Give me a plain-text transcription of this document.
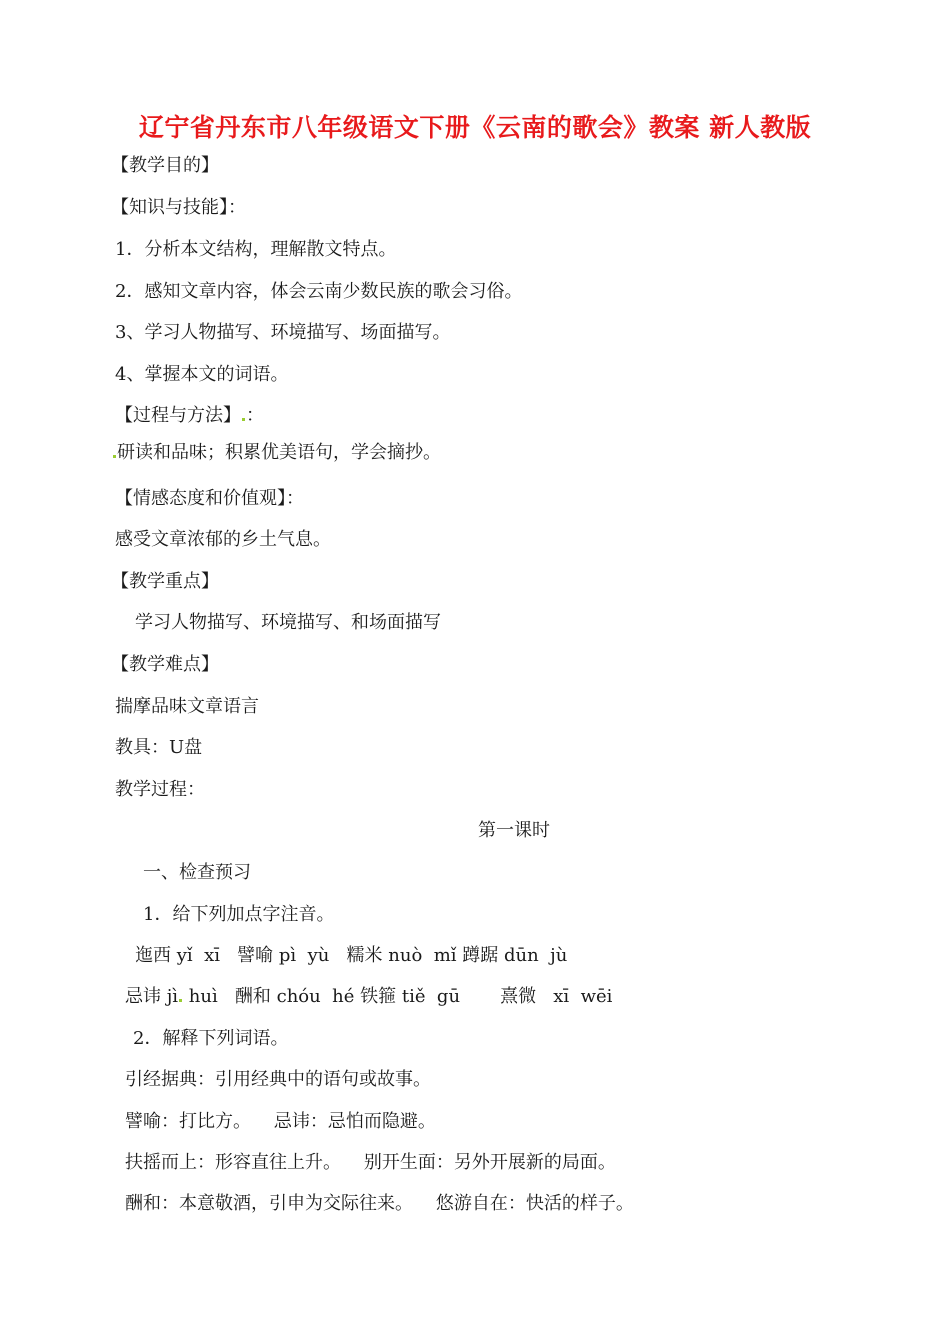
辽宁省丹东市八年级语文下册《云南的歌会》教案 新人教版
【教学目的】
【知识与技能】：
1．分析本文结构，理解散文特点。
2．感知文章内容，体会云南少数民族的歌会习俗。
3、学习人物描写、环境描写、场面描写。
4、掌握本文的词语。
【过程与方法】 ：
研读和品味；积累优美语句，学会摘抄。
【情感态度和价值观】：
感受文章浓郁的乡土气息。
【教学重点】
学习人物描写、环境描写、和场面描写
【教学难点】
揣摩品味文章语言
教具：U盘
教学过程：
第一课时
一、检查预习
1．给下列加点字注音。
迤西 yǐ  xī   譬喻 pì  yù   糯米 nuò  mǐ 蹲踞 dūn  jù
忌讳 jì huì   酬和 chóu  hé 铁箍 tiě  gū       熹微   xī  wēi
2．解释下列词语。
引经据典：引用经典中的语句或故事。
譬喻：打比方。    忌讳：忌怕而隐避。
扶摇而上：形容直往上升。    别开生面：另外开展新的局面。
酬和：本意敬酒，引申为交际往来。    悠游自在：快活的样子。
